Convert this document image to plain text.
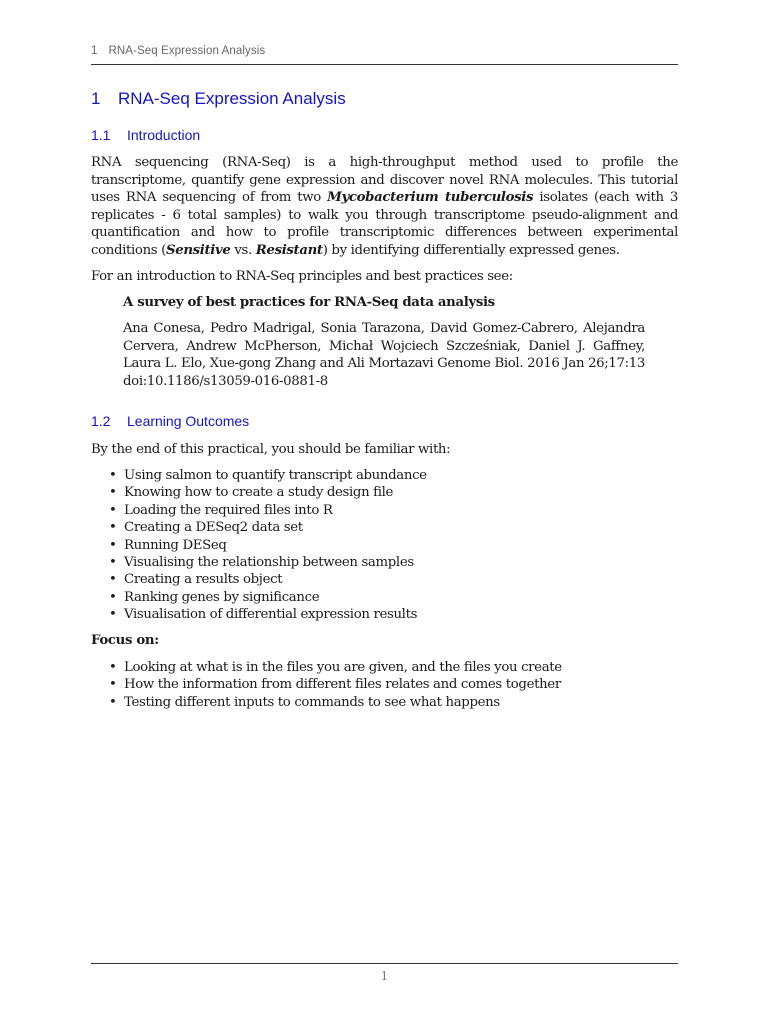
1 RNA-Seq Expression Analysis
1 RNA-Seq Expression Analysis
1.1 Introduction
RNA sequencing (RNA-Seq) is a high-throughput method used to profile the transcriptome, quantify gene expression and discover novel RNA molecules. This tutorial uses RNA sequencing of from two Mycobacterium tuberculosis isolates (each with 3 replicates - 6 total samples) to walk you through transcriptome pseudo-alignment and quantification and how to profile transcriptomic differences between experimental conditions (Sensitive vs. Resistant) by identifying differentially expressed genes.
For an introduction to RNA-Seq principles and best practices see:
A survey of best practices for RNA-Seq data analysis
Ana Conesa, Pedro Madrigal, Sonia Tarazona, David Gomez-Cabrero, Alejandra Cervera, Andrew McPherson, Michał Wojciech Szcześniak, Daniel J. Gaffney, Laura L. Elo, Xue-gong Zhang and Ali Mortazavi Genome Biol. 2016 Jan 26;17:13 doi:10.1186/s13059-016-0881-8
1.2 Learning Outcomes
By the end of this practical, you should be familiar with:
• Using salmon to quantify transcript abundance
• Knowing how to create a study design file
• Loading the required files into R
• Creating a DESeq2 data set
• Running DESeq
• Visualising the relationship between samples
• Creating a results object
• Ranking genes by significance
• Visualisation of differential expression results
Focus on:
• Looking at what is in the files you are given, and the files you create
• How the information from different files relates and comes together
• Testing different inputs to commands to see what happens
1
